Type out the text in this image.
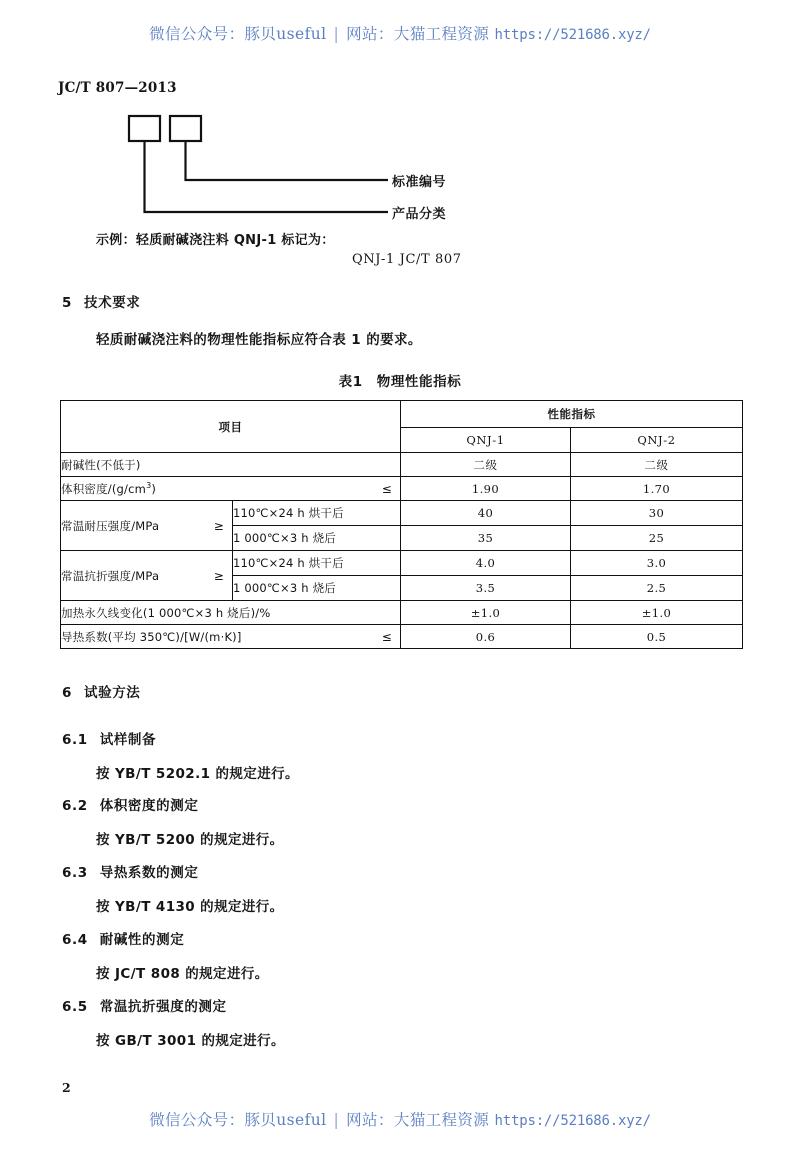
微信公众号：豚贝useful | 网站：大猫工程资源 https://521686.xyz/
JC/T 807—2013
标准编号
产品分类
示例：轻质耐碱浇注料 QNJ-1 标记为：
QNJ-1 JC/T 807
5 技术要求
轻质耐碱浇注料的物理性能指标应符合表 1 的要求。
表1 物理性能指标
项目		性能指标	
		QNJ-1	QNJ-2

耐碱性(不低于)		二级	二级

体积密度$/(g/cm^3)$ ≤		1.90	1.70

常温耐压强度/MPa ≥	110℃×24 h 烘干后	40	30
	1 000℃×3 h 烧后	35	25

常温抗折强度/MPa ≥	110℃×24 h 烘干后	4.0	3.0
	1 000℃×3 h 烧后	3.5	2.5

加热永久线变化(1 000℃×3 h 烧后)/%		±1.0	±1.0

导热系数(平均 350℃)/[W/(m·K)] ≤		0.6	0.5
6 试验方法
6.1 试样制备
按 YB/T 5202.1 的规定进行。
6.2 体积密度的测定
按 YB/T 5200 的规定进行。
6.3 导热系数的测定
按 YB/T 4130 的规定进行。
6.4 耐碱性的测定
按 JC/T 808 的规定进行。
6.5 常温抗折强度的测定
按 GB/T 3001 的规定进行。
2
微信公众号：豚贝useful | 网站：大猫工程资源 https://521686.xyz/
